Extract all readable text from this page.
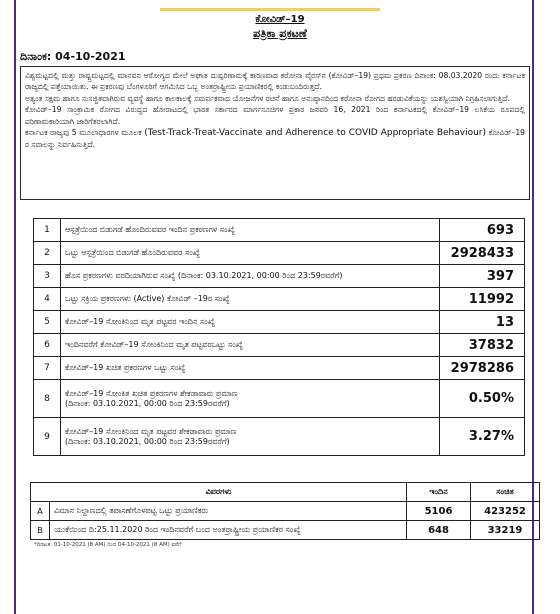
ಕೋವಿಡ್–19
ಪತ್ರಿಕಾ ಪ್ರಕಟಣೆ
ದಿನಾಂಕ: 04-10-2021

ವಿಶ್ವಮಟ್ಟದಲ್ಲಿ ಮತ್ತು ರಾಷ್ಟ್ರಮಟ್ಟದಲ್ಲಿ ಮಾನವನ ಆರೋಗ್ಯದ ಮೇಲೆ ಅಘಾತ ದುಷ್ಪರಿಣಾಮಕ್ಕೆ ಕಾರಣವಾದ ಕರೋನಾ ವೈರಸ್‌ನ (ಕೋವಿಡ್–19) ಪ್ರಥಮ ಪ್ರಕರಣ ದಿನಾಂಕ: 08.03.2020 ರಂದು ಕರ್ನಾಟಕ ರಾಜ್ಯದಲ್ಲಿ ಪತ್ತೆಯಾಯಿತು. ಈ ಪ್ರಕರಣವು ಬೆಂಗಳೂರಿಗೆ ಆಗಮಿಸಿದ ಒಬ್ಬ ಅಂತರ್ರಾಷ್ಟ್ರೀಯ ಪ್ರಯಾಣಿಕರಲ್ಲಿ ಕಂಡುಬಂದಿರುತ್ತದೆ.

ಅತ್ಯಂತ ಸಕ್ಷಮ ಹಾಗೂ ಸುಸಜ್ಜಿತವಾಗಿರುವ ವ್ಯವಸ್ಥೆ ಹಾಗೂ ಕಾಲಕಾಲಕ್ಕೆ ಸಮರ್ಪಕವಾದ ಯೋಜನೆಗಳ ರಚನೆ ಹಾಗೂ ಅನುಷ್ಠಾನದಿಂದ ಕರೋನಾ ರೋಗದ ಹರಡುವಿಕೆಯನ್ನು ಯಶಸ್ವಿಯಾಗಿ ನಿಗ್ರಹಿಸಲಾಗುತ್ತಿದೆ.

ಕೋವಿಡ್–19 ಸಾಂಕ್ರಾಮಿಕ ರೋಗದ ವಿರುದ್ಧದ ಹೋರಾಟದಲ್ಲಿ ಭಾರತ ಸರ್ಕಾರದ ಮಾರ್ಗಸೂಚಿಗಳ ಪ್ರಕಾರ ಜನವರಿ 16, 2021 ರಿಂದ ಕರ್ನಾಟಕದಲ್ಲಿ ಕೋವಿಡ್–19 ಲಸಿಕೆಯ ರೂಪದಲ್ಲಿ ಪರಿಣಾಮಕಾರಿಯಾಗಿ ಜಾರಿಗೆತರಲಾಗಿದೆ.

ಕರ್ನಾಟಕ ರಾಜ್ಯವು 5 ಮೂಲಾಧಾರಗಳ ಮೂಲಕ (Test-Track-Treat-Vaccinate and Adherence to COVID Appropriate Behaviour) ಕೋವಿಡ್–19 ರ ಸವಾಲನ್ನು ನಿರ್ವಹಿಸುತ್ತಿದೆ.

1	ಆಸ್ಪತ್ರೆಯಿಂದ ಬಿಡುಗಡೆ ಹೊಂದಿರುವವರ ಇಂದಿನ ಪ್ರಕರಣಗಳ ಸಂಖ್ಯೆ	693
2	ಒಟ್ಟು ಆಸ್ಪತ್ರೆಯಿಂದ ಬಿಡುಗಡೆ ಹೊಂದಿರುವವರ ಸಂಖ್ಯೆ	2928433
3	ಹೊಸ ಪ್ರಕರಣಗಳು ವರದಿಯಾಗಿರುವ ಸಂಖ್ಯೆ (ದಿನಾಂಕ: 03.10.2021, 00:00 ರಿಂದ 23:59ರವರೆಗೆ)	397
4	ಒಟ್ಟು ಸಕ್ರಿಯ ಪ್ರಕರಣಗಳು (Active) ಕೋವಿಡ್ –19ರ ಸಂಖ್ಯೆ	11992
5	ಕೋವಿಡ್–19 ಸೋಂಕಿನಿಂದ ಮೃತ ಪಟ್ಟವರ ಇಂದಿನ ಸಂಖ್ಯೆ	13
6	ಇಂದಿನವರೆಗೆ ಕೋವಿಡ್–19 ಸೋಂಕಿನಿಂದ ಮೃತ ಪಟ್ಟವರಒಟ್ಟು ಸಂಖ್ಯೆ	37832
7	ಕೋವಿಡ್–19 ಖಚಿತ ಪ್ರಕರಣಗಳ ಒಟ್ಟು ಸಂಖ್ಯೆ	2978286
8	ಕೋವಿಡ್–19 ಸೋಂಕಿತ ಖಚಿತ ಪ್ರಕರಣಗಳ ಶೇಕಡಾವಾರು ಪ್ರಮಾಣ
(ದಿನಾಂಕ: 03.10.2021, 00:00 ರಿಂದ 23:59ರವರೆಗೆ)	0.50%
9	ಕೋವಿಡ್–19 ಸೋಂಕಿನಿಂದ ಮೃತ ಪಟ್ಟವರ ಶೇಕಡಾವಾರು ಪ್ರಮಾಣ
(ದಿನಾಂಕ: 03.10.2021, 00:00 ರಿಂದ 23:59ರವರೆಗೆ)	3.27%
ವಿವರಗಳು		ಇಂದಿನ	ಸಂಚಿತ
A	ವಿಮಾನ ನಿಲ್ದಾಣದಲ್ಲಿ ತಪಾಸಣೆಗೊಳಪಟ್ಟ ಒಟ್ಟು ಪ್ರಯಾಣಿಕರು	5106	423252
B	ಯುಕೆಯಿಂದ ದಿ:25.11.2020 ರಿಂದ ಇಂದಿನವರೆಗೆ ಬಂದ ಅಂತರ್ರಾಷ್ಟ್ರೀಯ ಪ್ರಯಾಣಿಕರ ಸಂಖ್ಯೆ	648	33219
*ದಿನಾಂಕ: 01-10-2021 (8 AM) ರಿಂದ 04-10-2021 (8 AM) ವರೆಗೆ
